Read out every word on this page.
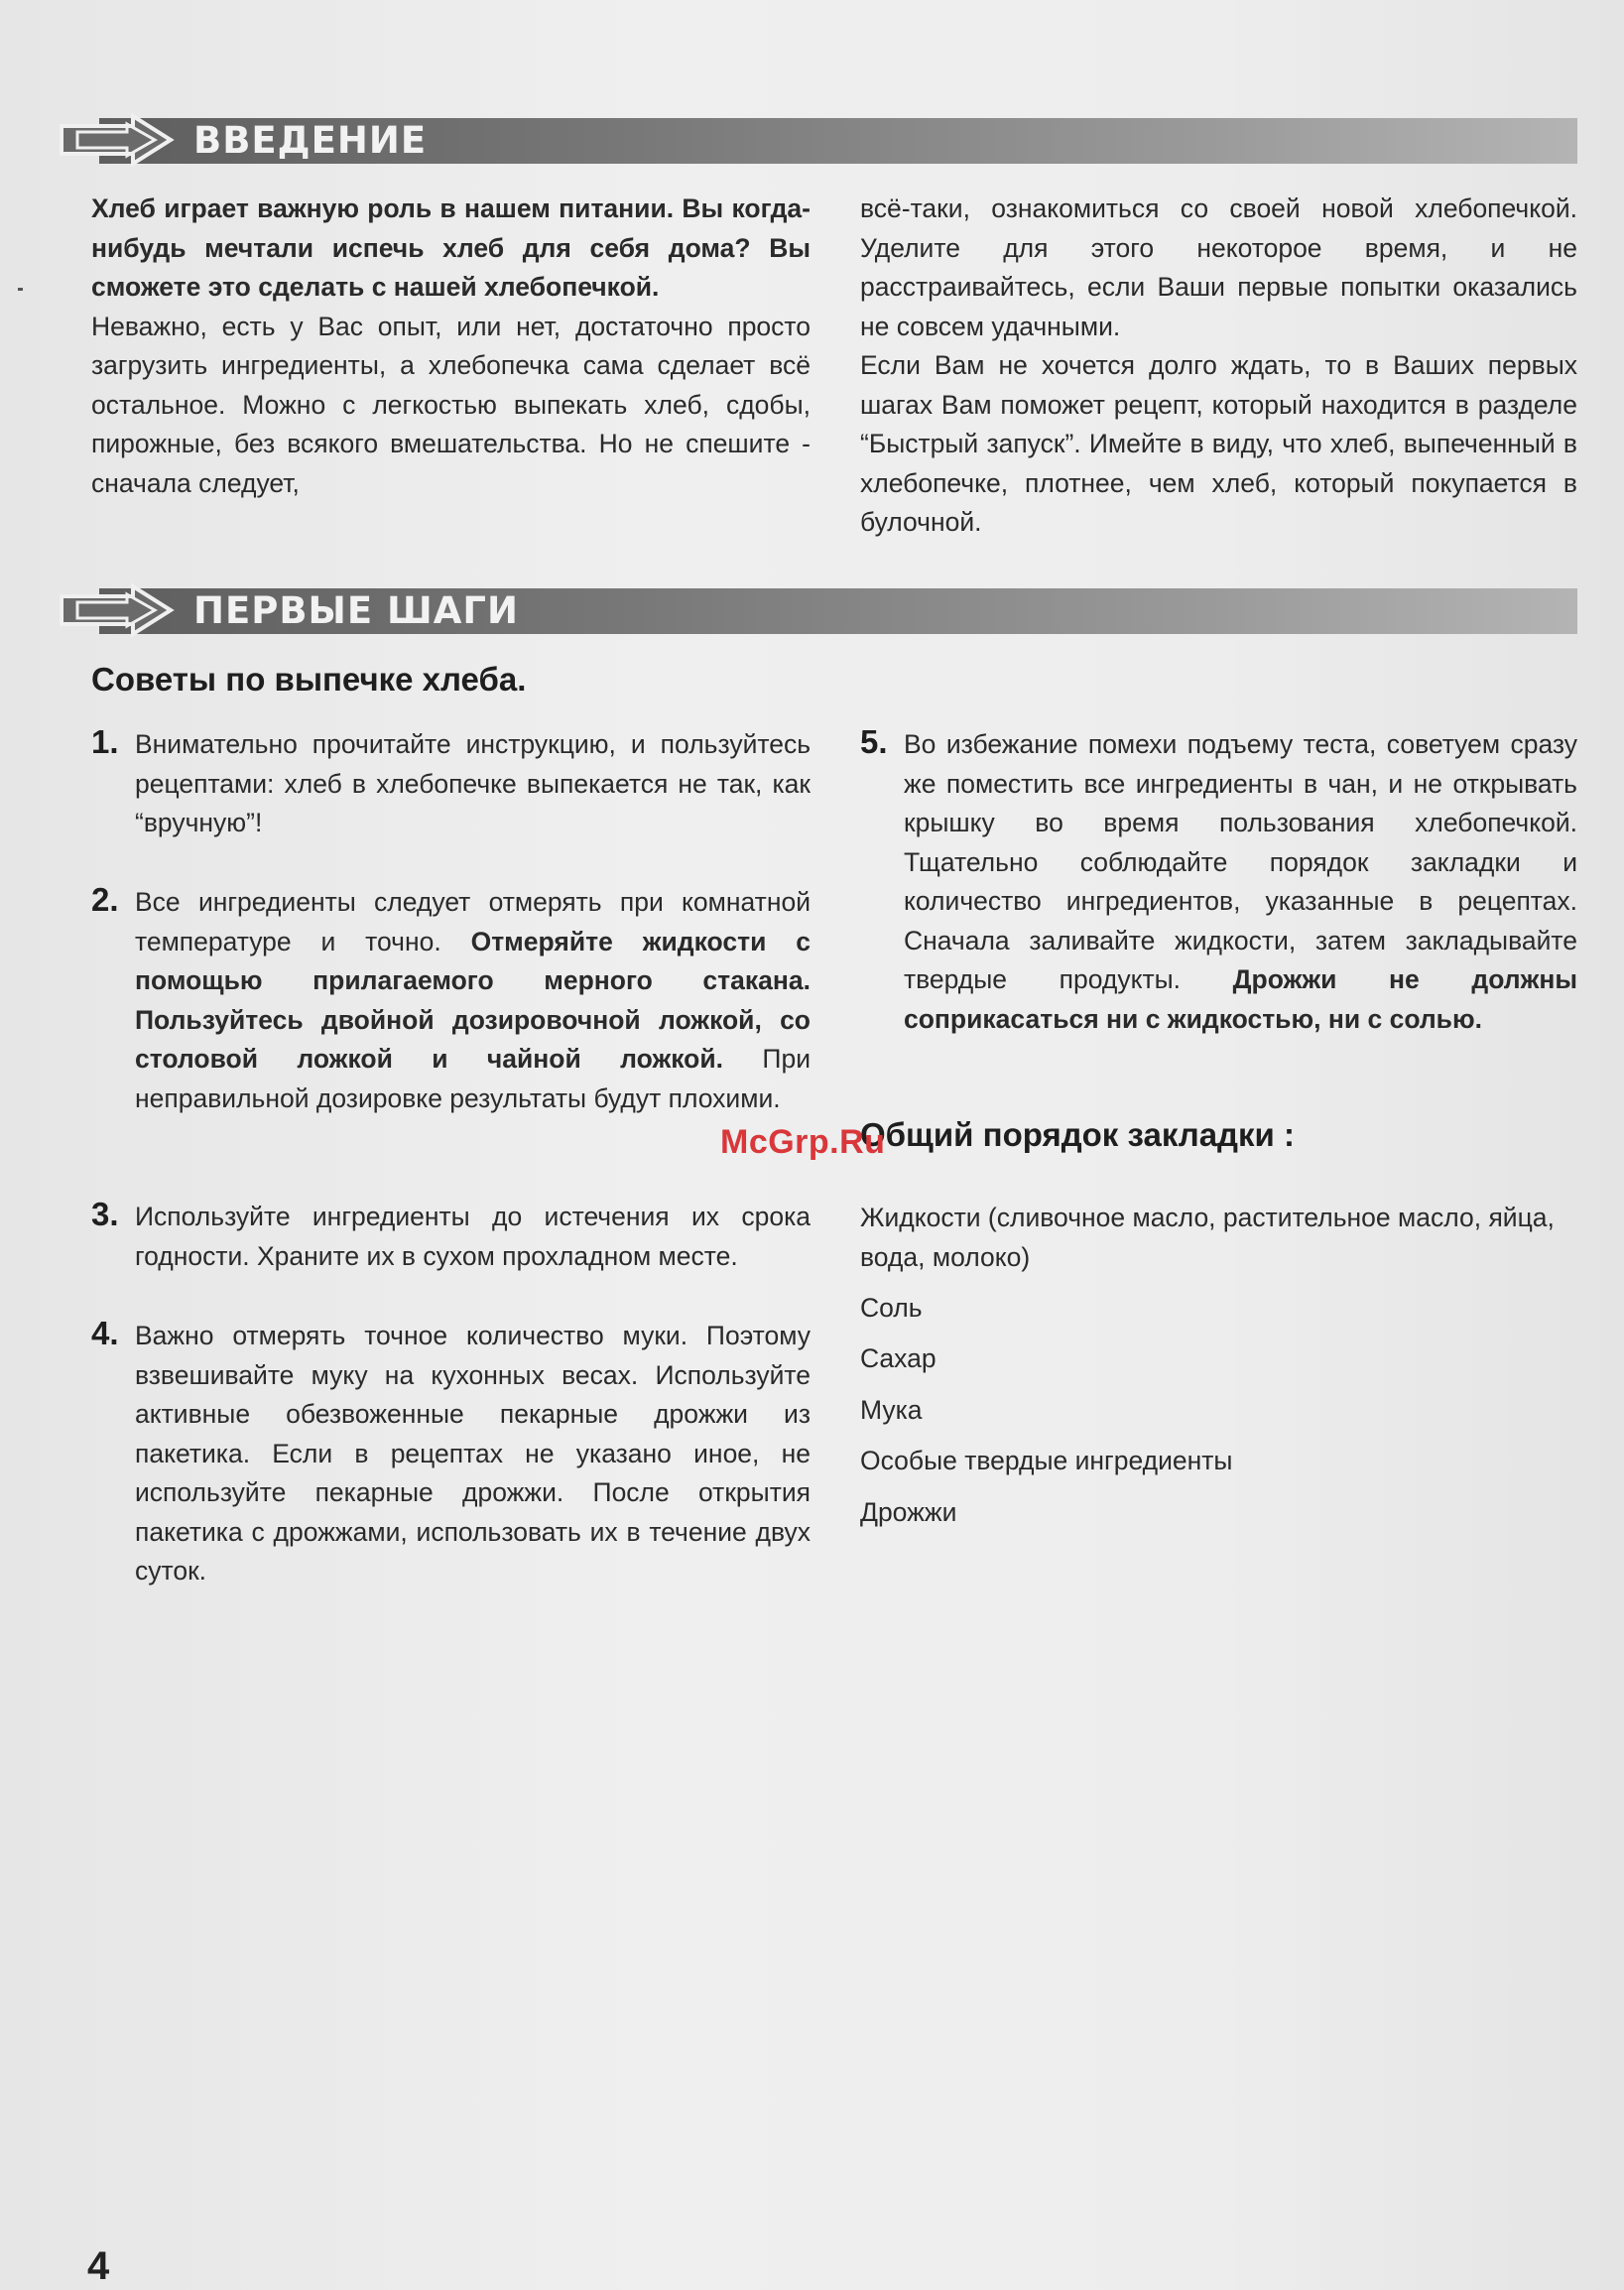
ВВЕДЕНИЕ

Хлеб играет важную роль в нашем питании. Вы когда-нибудь мечтали испечь хлеб для себя дома? Вы сможете это сделать с нашей хлебопечкой.

Неважно, есть у Вас опыт, или нет, достаточно просто загрузить ингредиенты, а хлебопечка сама сделает всё остальное. Можно с легкостью выпекать хлеб, сдобы, пирожные, без всякого вмешательства. Но не спешите - сначала следует,

всё-таки, ознакомиться со своей новой хлебопечкой. Уделите для этого некоторое время, и не расстраивайтесь, если Ваши первые попытки оказались не совсем удачными.

Если Вам не хочется долго ждать, то в Ваших первых шагах Вам поможет рецепт, который находится в разделе “Быстрый запуск”. Имейте в виду, что хлеб, выпеченный в хлебопечке, плотнее, чем хлеб, который покупается в булочной.

ПЕРВЫЕ ШАГИ
Советы по выпечке хлеба.
1. Внимательно прочитайте инструкцию, и пользуйтесь рецептами: хлеб в хлебопечке выпекается не так, как “вручную”!
2. Все ингредиенты следует отмерять при комнатной температуре и точно. Отмеряйте жидкости с помощью прилагаемого мерного стакана. Пользуйтесь двойной дозировочной ложкой, со столовой ложкой и чайной ложкой. При неправильной дозировке результаты будут плохими.
3. Используйте ингредиенты до истечения их срока годности. Храните их в сухом прохладном месте.
4. Важно отмерять точное количество муки. Поэтому взвешивайте муку на кухонных весах. Используйте активные обезвоженные пекарные дрожжи из пакетика. Если в рецептах не указано иное, не используйте пекарные дрожжи. После открытия пакетика с дрожжами, использовать их в течение двух суток.
5. Во избежание помехи подъему теста, советуем сразу же поместить все ингредиенты в чан, и не открывать крышку во время пользования хлебопечкой. Тщательно соблюдайте порядок закладки и количество ингредиентов, указанные в рецептах. Сначала заливайте жидкости, затем закладывайте твердые продукты. Дрожжи не должны соприкасаться ни с жидкостью, ни с солью.
Общий порядок закладки :
Жидкости (сливочное масло, растительное масло, яйца, вода, молоко)
Соль
Сахар
Мука
Особые твердые ингредиенты
Дрожжи
McGrp.Ru
4
